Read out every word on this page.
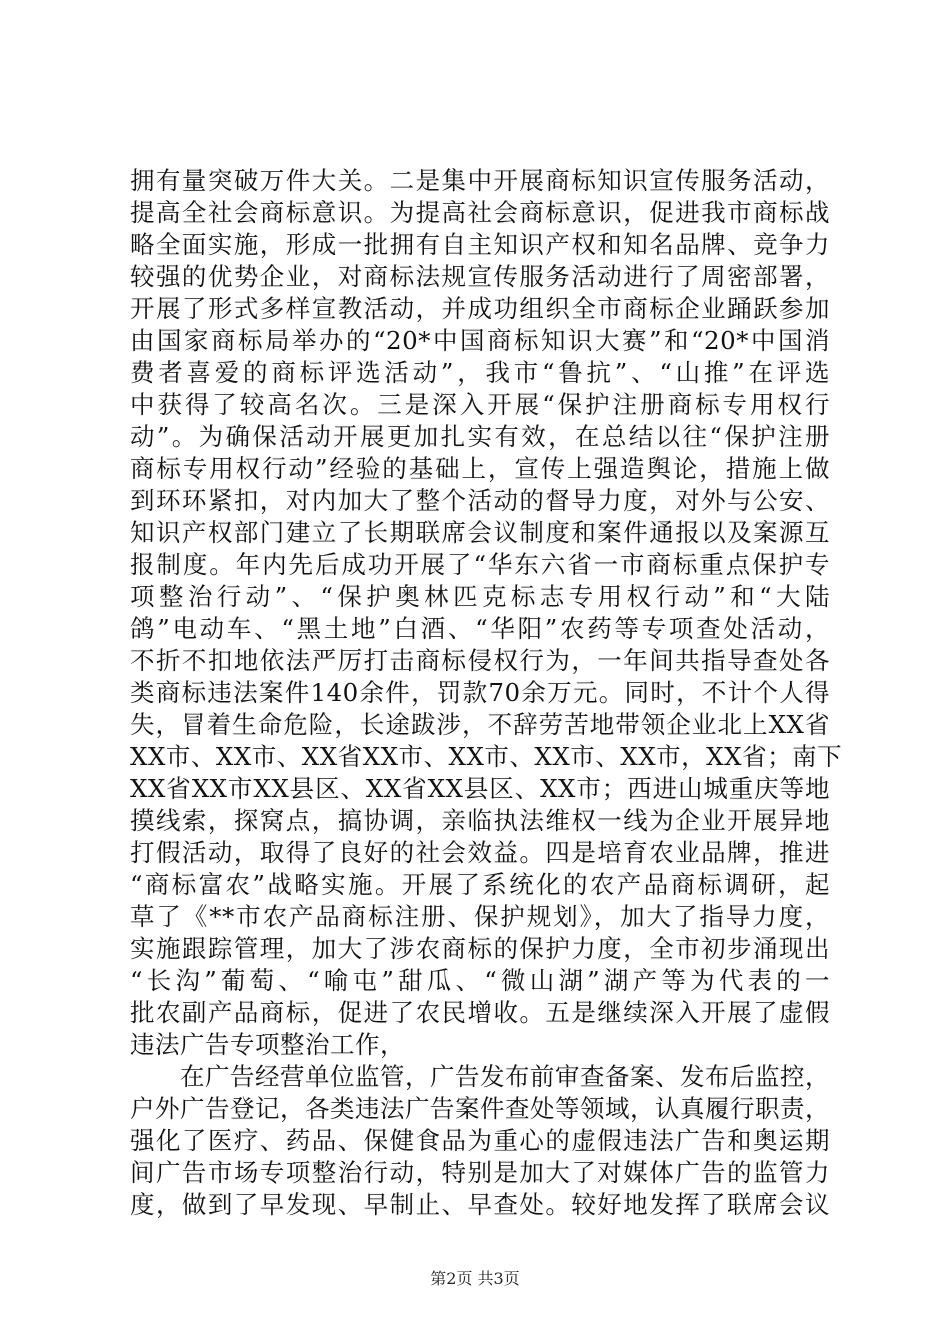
拥有量突破万件大关。二是集中开展商标知识宣传服务活动，
提高全社会商标意识。为提高社会商标意识，促进我市商标战
略全面实施，形成一批拥有自主知识产权和知名品牌、竞争力
较强的优势企业，对商标法规宣传服务活动进行了周密部署，
开展了形式多样宣教活动，并成功组织全市商标企业踊跃参加
由国家商标局举办的“20*中国商标知识大赛”和“20*中国消
费者喜爱的商标评选活动”，我市“鲁抗”、“山推”在评选
中获得了较高名次。三是深入开展“保护注册商标专用权行
动”。为确保活动开展更加扎实有效，在总结以往“保护注册
商标专用权行动”经验的基础上，宣传上强造舆论，措施上做
到环环紧扣，对内加大了整个活动的督导力度，对外与公安、
知识产权部门建立了长期联席会议制度和案件通报以及案源互
报制度。年内先后成功开展了“华东六省一市商标重点保护专
项整治行动”、“保护奥林匹克标志专用权行动”和“大陆
鸽”电动车、“黑土地”白酒、“华阳”农药等专项查处活动，
不折不扣地依法严厉打击商标侵权行为，一年间共指导查处各
类商标违法案件140余件，罚款70余万元。同时，不计个人得
失，冒着生命危险，长途跋涉，不辞劳苦地带领企业北上XX省
XX市、XX市、XX省XX市、XX市、XX市、XX市，XX省；南下
XX省XX市XX县区、XX省XX县区、XX市；西进山城重庆等地
摸线索，探窝点，搞协调，亲临执法维权一线为企业开展异地
打假活动，取得了良好的社会效益。四是培育农业品牌，推进
“商标富农”战略实施。开展了系统化的农产品商标调研，起
草了《**市农产品商标注册、保护规划》，加大了指导力度，
实施跟踪管理，加大了涉农商标的保护力度，全市初步涌现出
“长沟”葡萄、“喻屯”甜瓜、“微山湖”湖产等为代表的一
批农副产品商标，促进了农民增收。五是继续深入开展了虚假
违法广告专项整治工作，
　　在广告经营单位监管，广告发布前审查备案、发布后监控，
户外广告登记，各类违法广告案件查处等领域，认真履行职责，
强化了医疗、药品、保健食品为重心的虚假违法广告和奥运期
间广告市场专项整治行动，特别是加大了对媒体广告的监管力
度，做到了早发现、早制止、早查处。较好地发挥了联席会议
第2页 共3页
